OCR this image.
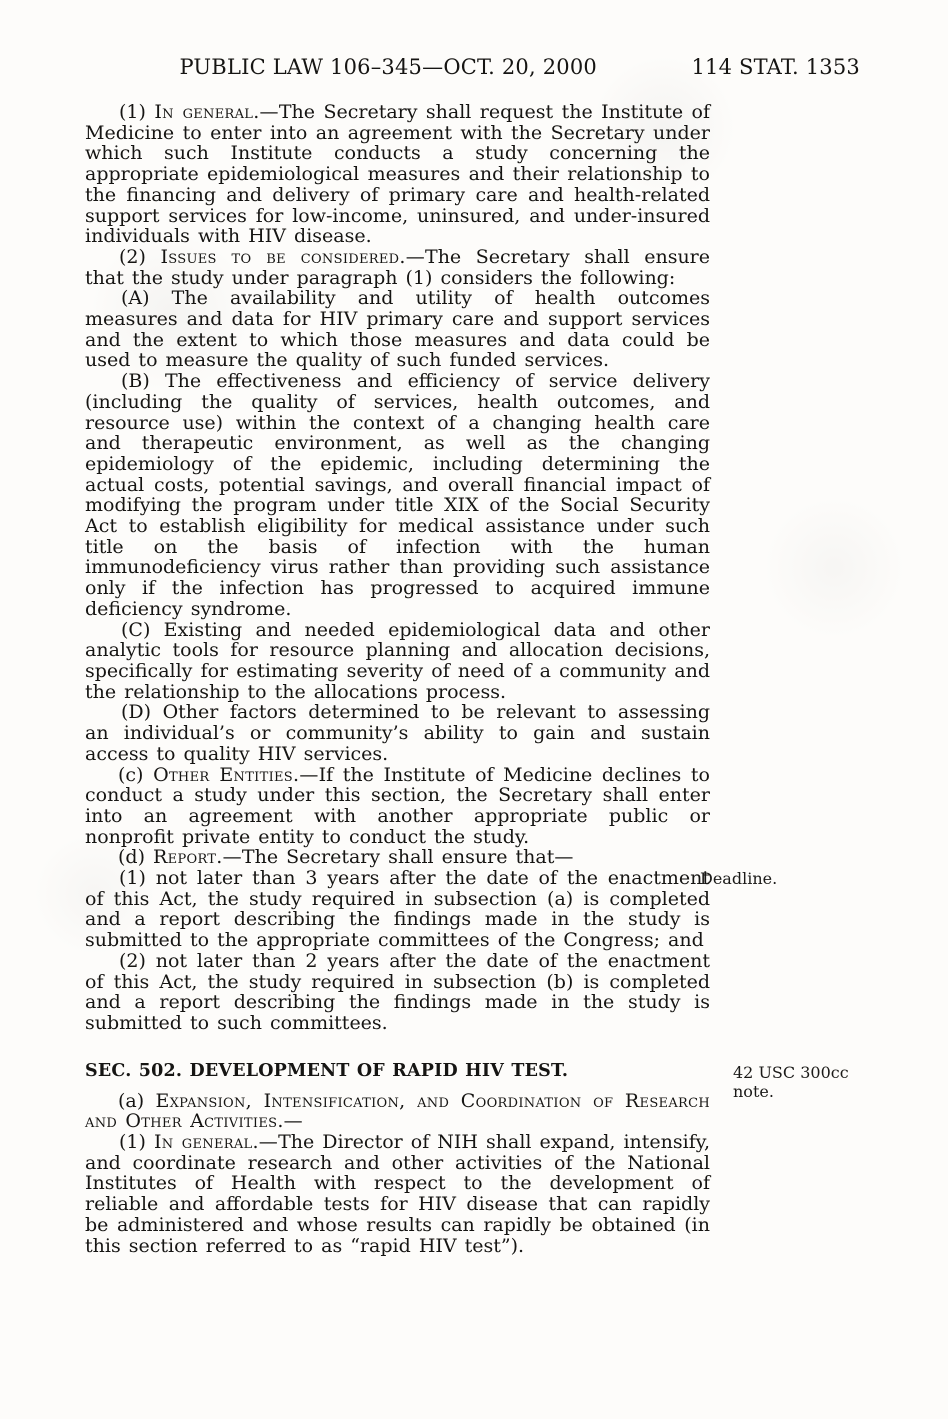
PUBLIC LAW 106–345—OCT. 20, 2000	114 STAT. 1353

(1) In general.—The Secretary shall request the Institute of Medicine to enter into an agreement with the Secretary under which such Institute conducts a study concerning the appropriate epidemiological measures and their relationship to the financing and delivery of primary care and health-related support services for low-income, uninsured, and under-insured individuals with HIV disease.

(2) Issues to be considered.—The Secretary shall ensure that the study under paragraph (1) considers the following:

(A) The availability and utility of health outcomes measures and data for HIV primary care and support services and the extent to which those measures and data could be used to measure the quality of such funded services.

(B) The effectiveness and efficiency of service delivery (including the quality of services, health outcomes, and resource use) within the context of a changing health care and therapeutic environment, as well as the changing epidemiology of the epidemic, including determining the actual costs, potential savings, and overall financial impact of modifying the program under title XIX of the Social Security Act to establish eligibility for medical assistance under such title on the basis of infection with the human immunodeficiency virus rather than providing such assistance only if the infection has progressed to acquired immune deficiency syndrome.

(C) Existing and needed epidemiological data and other analytic tools for resource planning and allocation decisions, specifically for estimating severity of need of a community and the relationship to the allocations process.

(D) Other factors determined to be relevant to assessing an individual’s or community’s ability to gain and sustain access to quality HIV services.

(c) Other Entities.—If the Institute of Medicine declines to conduct a study under this section, the Secretary shall enter into an agreement with another appropriate public or nonprofit private entity to conduct the study.

(d) Report.—The Secretary shall ensure that—

Deadline.
(1) not later than 3 years after the date of the enactment of this Act, the study required in subsection (a) is completed and a report describing the findings made in the study is submitted to the appropriate committees of the Congress; and

(2) not later than 2 years after the date of the enactment of this Act, the study required in subsection (b) is completed and a report describing the findings made in the study is submitted to such committees.

42 USC 300cc note.
SEC. 502. DEVELOPMENT OF RAPID HIV TEST.

(a) Expansion, Intensification, and Coordination of Research and Other Activities.—

(1) In general.—The Director of NIH shall expand, intensify, and coordinate research and other activities of the National Institutes of Health with respect to the development of reliable and affordable tests for HIV disease that can rapidly be administered and whose results can rapidly be obtained (in this section referred to as “rapid HIV test”).
